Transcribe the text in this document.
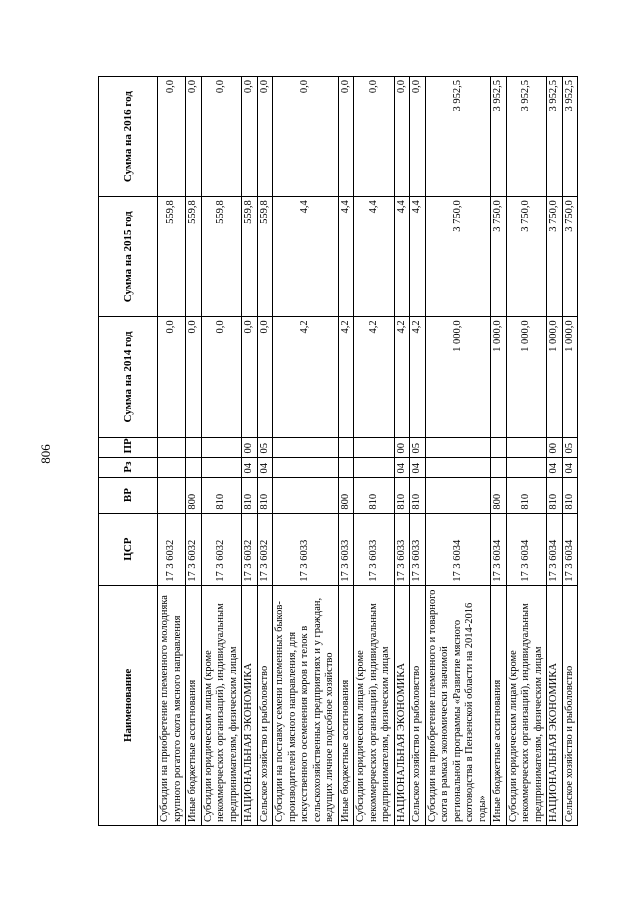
806
Наименование	ЦСР	ВР	Рз	ПР	Сумма на 2014 год	Сумма на 2015 год	Сумма на 2016 год
Субсидии на приобретение племенного молодняка крупного рогатого скота мясного направления	17 3 6032				0,0	559,8	0,0
Иные бюджетные ассигнования	17 3 6032	800			0,0	559,8	0,0
Субсидии юридическим лицам (кроме некоммерческих организаций), индивидуальным предпринимателям, физическим лицам	17 3 6032	810			0,0	559,8	0,0
НАЦИОНАЛЬНАЯ ЭКОНОМИКА	17 3 6032	810	04	00	0,0	559,8	0,0
Сельское хозяйство и рыболовство	17 3 6032	810	04	05	0,0	559,8	0,0
Субсидии на поставку семени племенных быков-производителей мясного направления, для искусственного осеменения коров и телок в сельскохозяйственных предприятиях и у граждан, ведущих личное подсобное хозяйство	17 3 6033				4,2	4,4	0,0
Иные бюджетные ассигнования	17 3 6033	800			4,2	4,4	0,0
Субсидии юридическим лицам (кроме некоммерческих организаций), индивидуальным предпринимателям, физическим лицам	17 3 6033	810			4,2	4,4	0,0
НАЦИОНАЛЬНАЯ ЭКОНОМИКА	17 3 6033	810	04	00	4,2	4,4	0,0
Сельское хозяйство и рыболовство	17 3 6033	810	04	05	4,2	4,4	0,0
Субсидии на приобретение племенного и товарного скота в рамках экономически значимой региональной программы «Развитие мясного скотоводства в Пензенской области на 2014-2016 годы»	17 3 6034				1 000,0	3 750,0	3 952,5
Иные бюджетные ассигнования	17 3 6034	800			1 000,0	3 750,0	3 952,5
Субсидии юридическим лицам (кроме некоммерческих организаций), индивидуальным предпринимателям, физическим лицам	17 3 6034	810			1 000,0	3 750,0	3 952,5
НАЦИОНАЛЬНАЯ ЭКОНОМИКА	17 3 6034	810	04	00	1 000,0	3 750,0	3 952,5
Сельское хозяйство и рыболовство	17 3 6034	810	04	05	1 000,0	3 750,0	3 952,5
